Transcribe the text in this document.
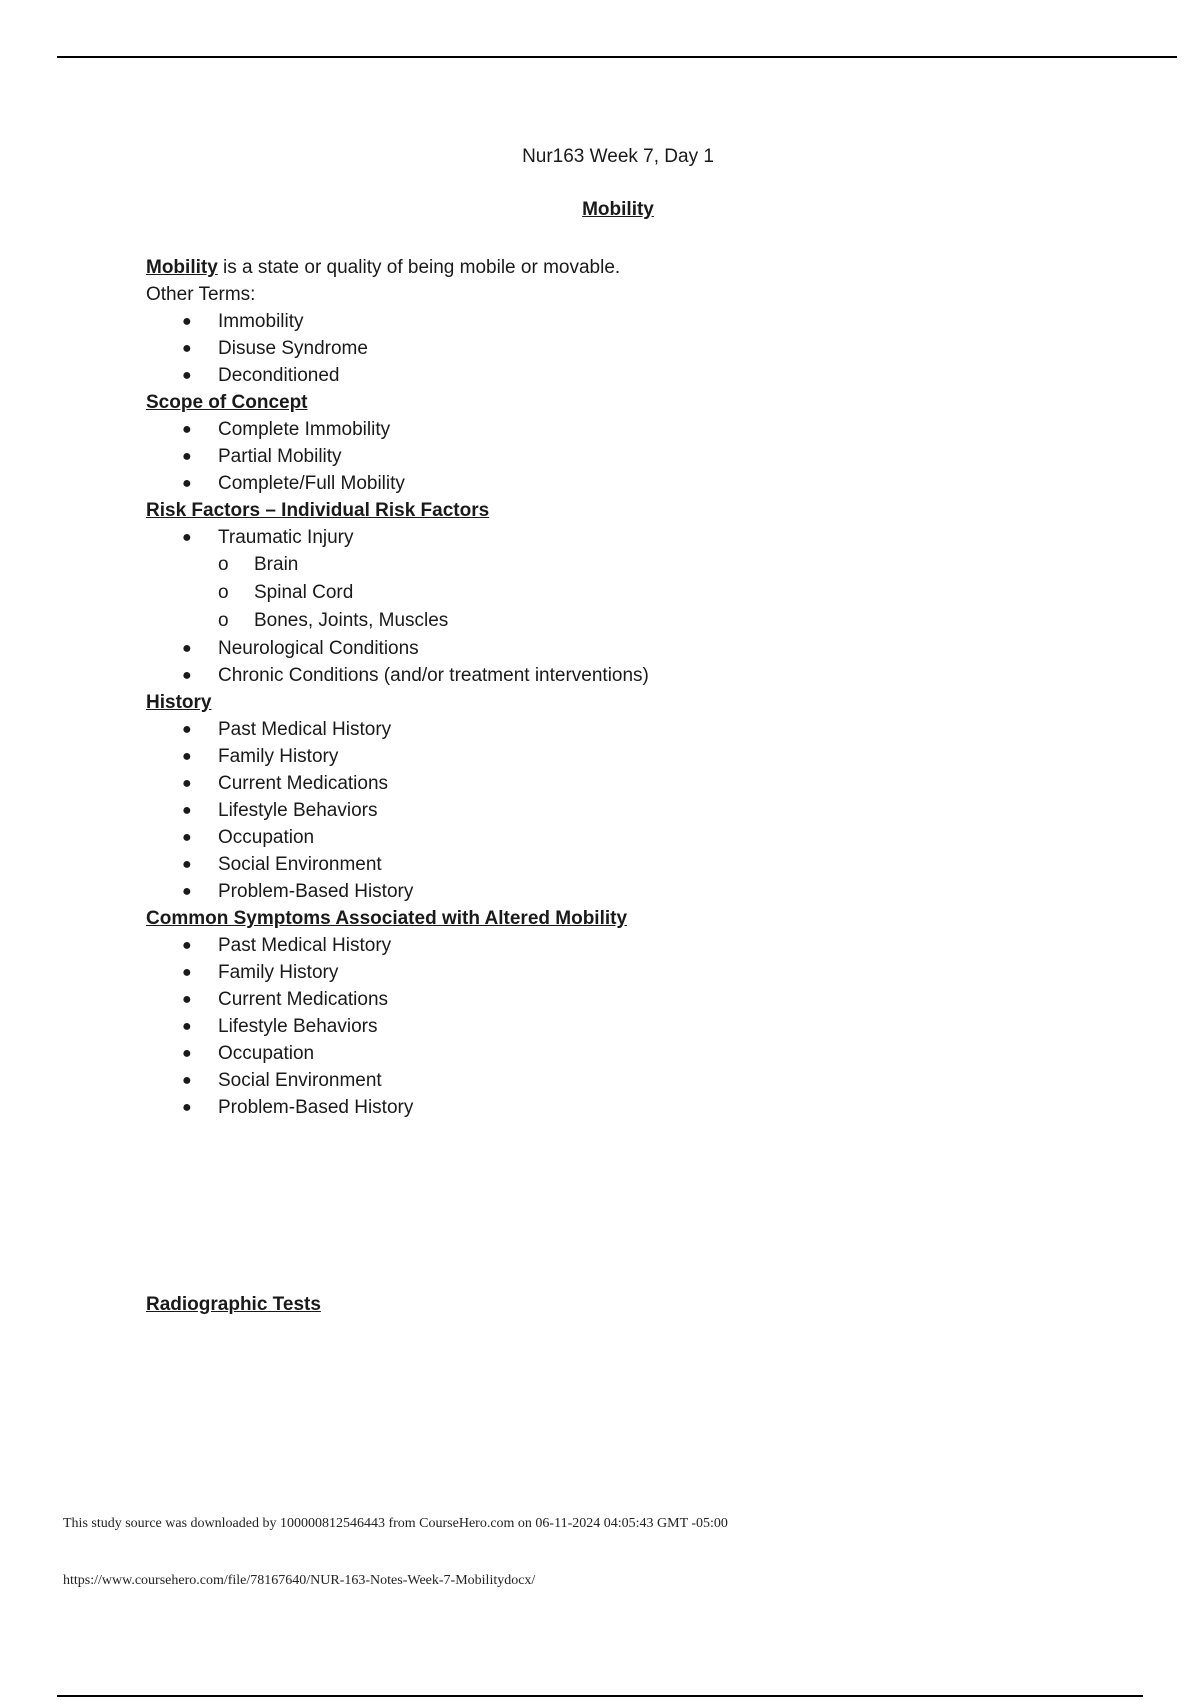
Nur163 Week 7, Day 1
Mobility

Mobility is a state or quality of being mobile or movable.

Other Terms:

● Immobility
● Disuse Syndrome
● Deconditioned

Scope of Concept

● Complete Immobility
● Partial Mobility
● Complete/Full Mobility

Risk Factors – Individual Risk Factors

● Traumatic Injury
o Brain
o Spinal Cord
o Bones, Joints, Muscles
● Neurological Conditions
● Chronic Conditions (and/or treatment interventions)

History

● Past Medical History
● Family History
● Current Medications
● Lifestyle Behaviors
● Occupation
● Social Environment
● Problem-Based History

Common Symptoms Associated with Altered Mobility

● Past Medical History
● Family History
● Current Medications
● Lifestyle Behaviors
● Occupation
● Social Environment
● Problem-Based History

Radiographic Tests

This study source was downloaded by 100000812546443 from CourseHero.com on 06-11-2024 04:05:43 GMT -05:00
https://www.coursehero.com/file/78167640/NUR-163-Notes-Week-7-Mobilitydocx/
